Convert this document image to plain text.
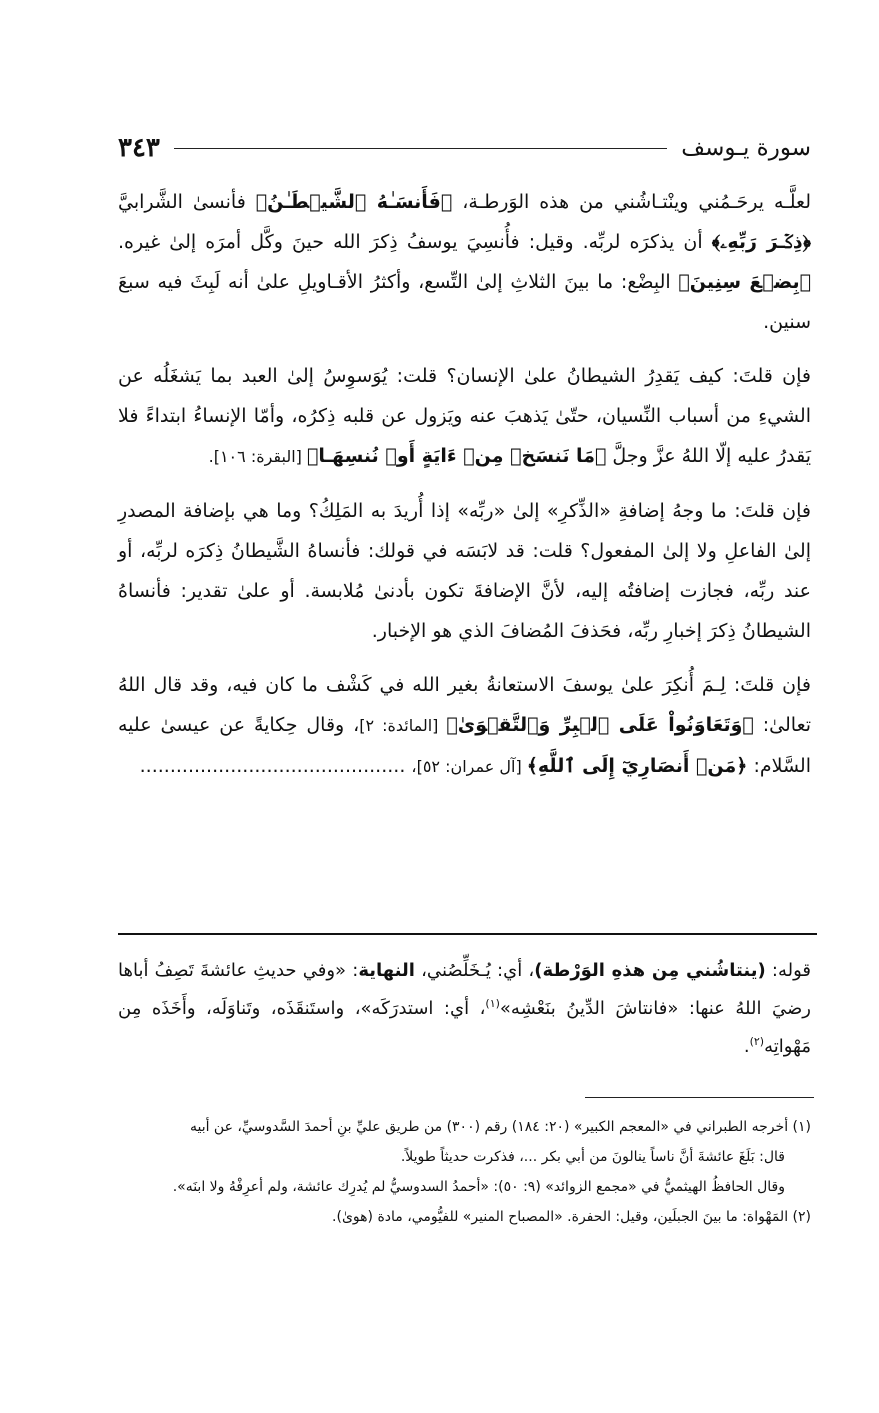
سورة يـوسف
٣٤٣

لعلَّـه يرحَـمُني وينْتـاشُني من هذه الوَرطـة، ﴿فَأَنسَـٰهُ ٱلشَّيۡطَـٰنُ﴾ فأنسىٰ الشَّرابيَّ ﴿ذِكۡـرَ رَبِّهِۦ﴾ أن يذكرَه لربِّه. وقيل: فأُنسِيَ يوسفُ ذِكرَ الله حينَ وكَّل أمرَه إلىٰ غيره. ﴿بِضۡعَ سِنِينَ﴾ البِضْع: ما بينَ الثلاثِ إلىٰ التِّسع، وأكثرُ الأقـاويلِ علىٰ أنه لَبِثَ فيه سبعَ سنين.

فإن قلتَ: كيف يَقدِرُ الشيطانُ علىٰ الإنسان؟ قلت: يُوَسوِسُ إلىٰ العبد بما يَشغَلُه عن الشيءِ من أسباب النِّسيان، حتّىٰ يَذهبَ عنه ويَزول عن قلبه ذِكرُه، وأمّا الإنساءُ ابتداءً فلا يَقدرُ عليه إلّا اللهُ عزَّ وجلَّ ﴿مَا نَنسَخۡ مِنۡ ءَايَةٍ أَوۡ نُنسِهَـا﴾ [البقرة: ١٠٦].

فإن قلتَ: ما وجهُ إضافةِ «الذِّكرِ» إلىٰ «ربِّه» إذا أُريدَ به المَلِكُ؟ وما هي بإضافة المصدرِ إلىٰ الفاعلِ ولا إلىٰ المفعول؟ قلت: قد لابَسَه في قولك: فأنساهُ الشَّيطانُ ذِكرَه لربِّه، أو عند ربِّه، فجازت إضافتُه إليه، لأنَّ الإضافةَ تكون بأدنىٰ مُلابسة. أو علىٰ تقدير: فأنساهُ الشيطانُ ذِكرَ إخبارِ ربِّه، فحَذفَ المُضافَ الذي هو الإخبار.

فإن قلتَ: لِـمَ أُنكِرَ علىٰ يوسفَ الاستعانةُ بغير الله في كَشْف ما كان فيه، وقد قال اللهُ تعالىٰ: ﴿وَتَعَاوَنُواْ عَلَى ٱلۡبِرِّ وَٱلتَّقۡوَىٰ﴾ [المائدة: ٢]، وقال حِكايةً عن عيسىٰ عليه السَّلام: ﴿مَنۡ أَنصَارِيٓ إِلَى ٱللَّهِ﴾ [آل عمران: ٥٢]، ............................................

قوله: (ينتاشُني مِن هذهِ الوَرْطة)، أي: يُـخَلِّصُني، النهاية: «وفي حديثِ عائشةَ تَصِفُ أباها رضيَ اللهُ عنها: «فانتاشَ الدِّينُ بنَعْشِه»$^{(١)}$، أي: استدرَكَه»، واستَنقَذَه، وتَناوَلَه، وأَخَذَه مِن مَهْواتِه$^{(٢)}$.

(١) أخرجه الطبراني في «المعجم الكبير» (٢٠: ١٨٤) رقم (٣٠٠) من طريق عليِّ بنِ أحمدَ السَّدوسيِّ، عن أبيه

قال: بَلَغَ عائشةَ أنَّ ناساً ينالونَ من أبي بكر ...، فذكرت حديثاً طويلاً.

وقال الحافظُ الهيثميُّ في «مجمع الزوائد» (٩: ٥٠): «أحمدُ السدوسيُّ لم يُدرِك عائشة، ولم أعرِفْهُ ولا ابنَه».

(٢) المَهْواة: ما بينَ الجبلَين، وقيل: الحفرة. «المصباح المنير» للفيُّومي، مادة (هوىٰ).
